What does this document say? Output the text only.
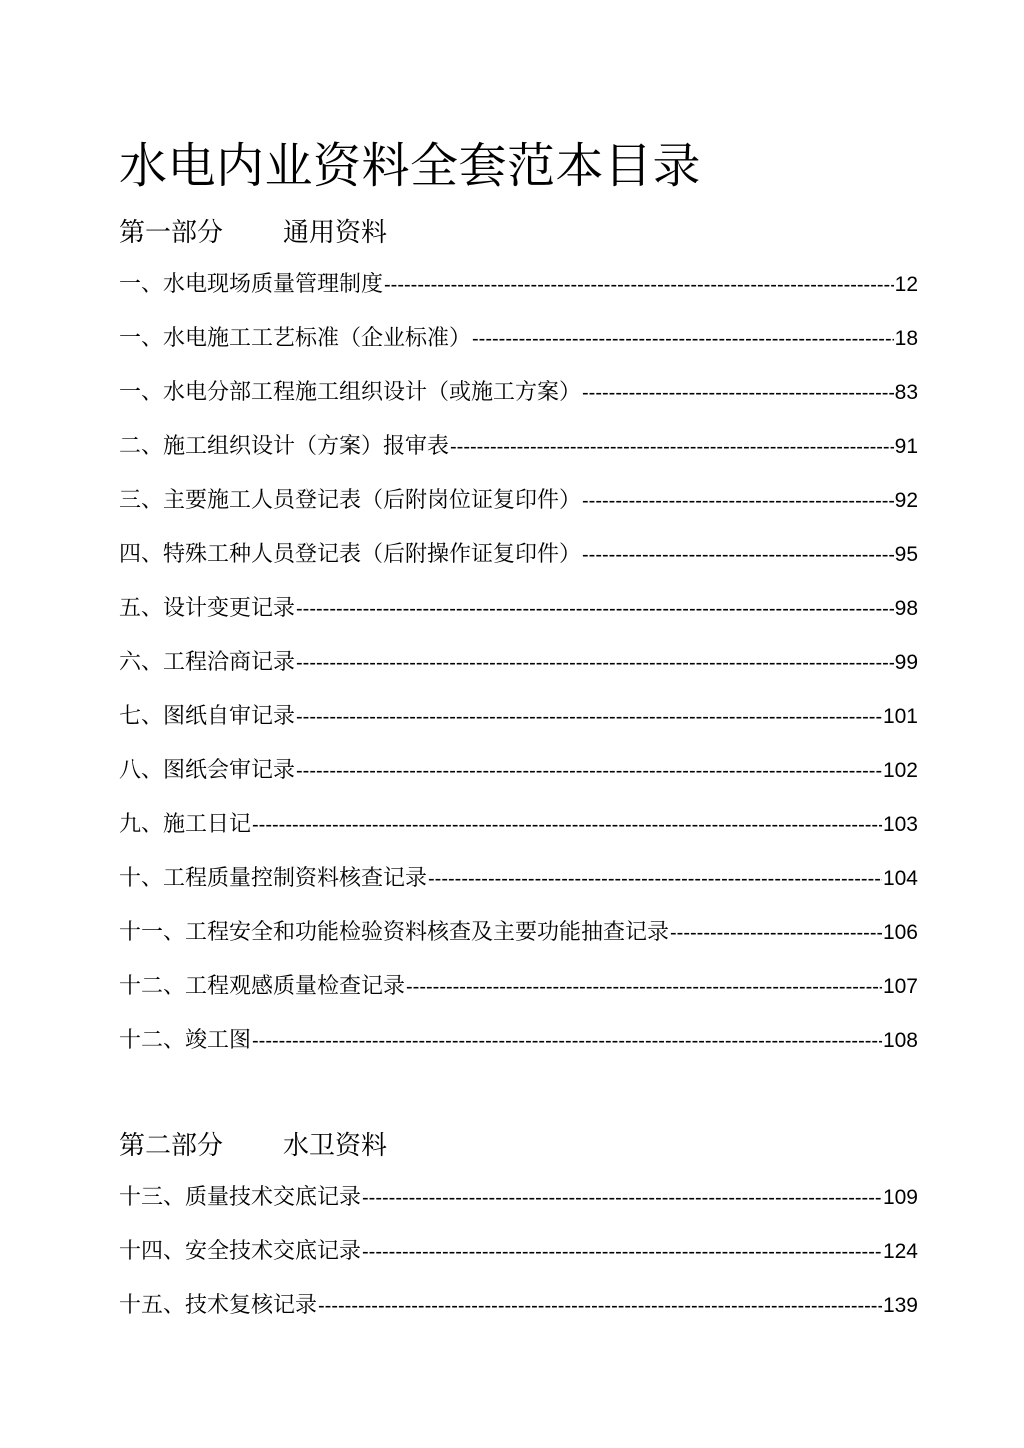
水电内业资料全套范本目录
第一部分 通用资料
一、水电现场质量管理制度 -----	12
一、水电施工工艺标准（企业标准） -----	18
一、水电分部工程施工组织设计（或施工方案） -----	83
二、施工组织设计（方案）报审表 -----	91
三、主要施工人员登记表（后附岗位证复印件） -----	92
四、特殊工种人员登记表（后附操作证复印件） -----	95
五、设计变更记录 -----	98
六、工程洽商记录 -----	99
七、图纸自审记录 -----	101
八、图纸会审记录 -----	102
九、施工日记 -----	103
十、工程质量控制资料核查记录 -----	104
十一、工程安全和功能检验资料核查及主要功能抽查记录 -----	106
十二、工程观感质量检查记录 -----	107
十二、竣工图 -----	108
第二部分 水卫资料
十三、质量技术交底记录 -----	109
十四、安全技术交底记录 -----	124
十五、技术复核记录 -----	139
